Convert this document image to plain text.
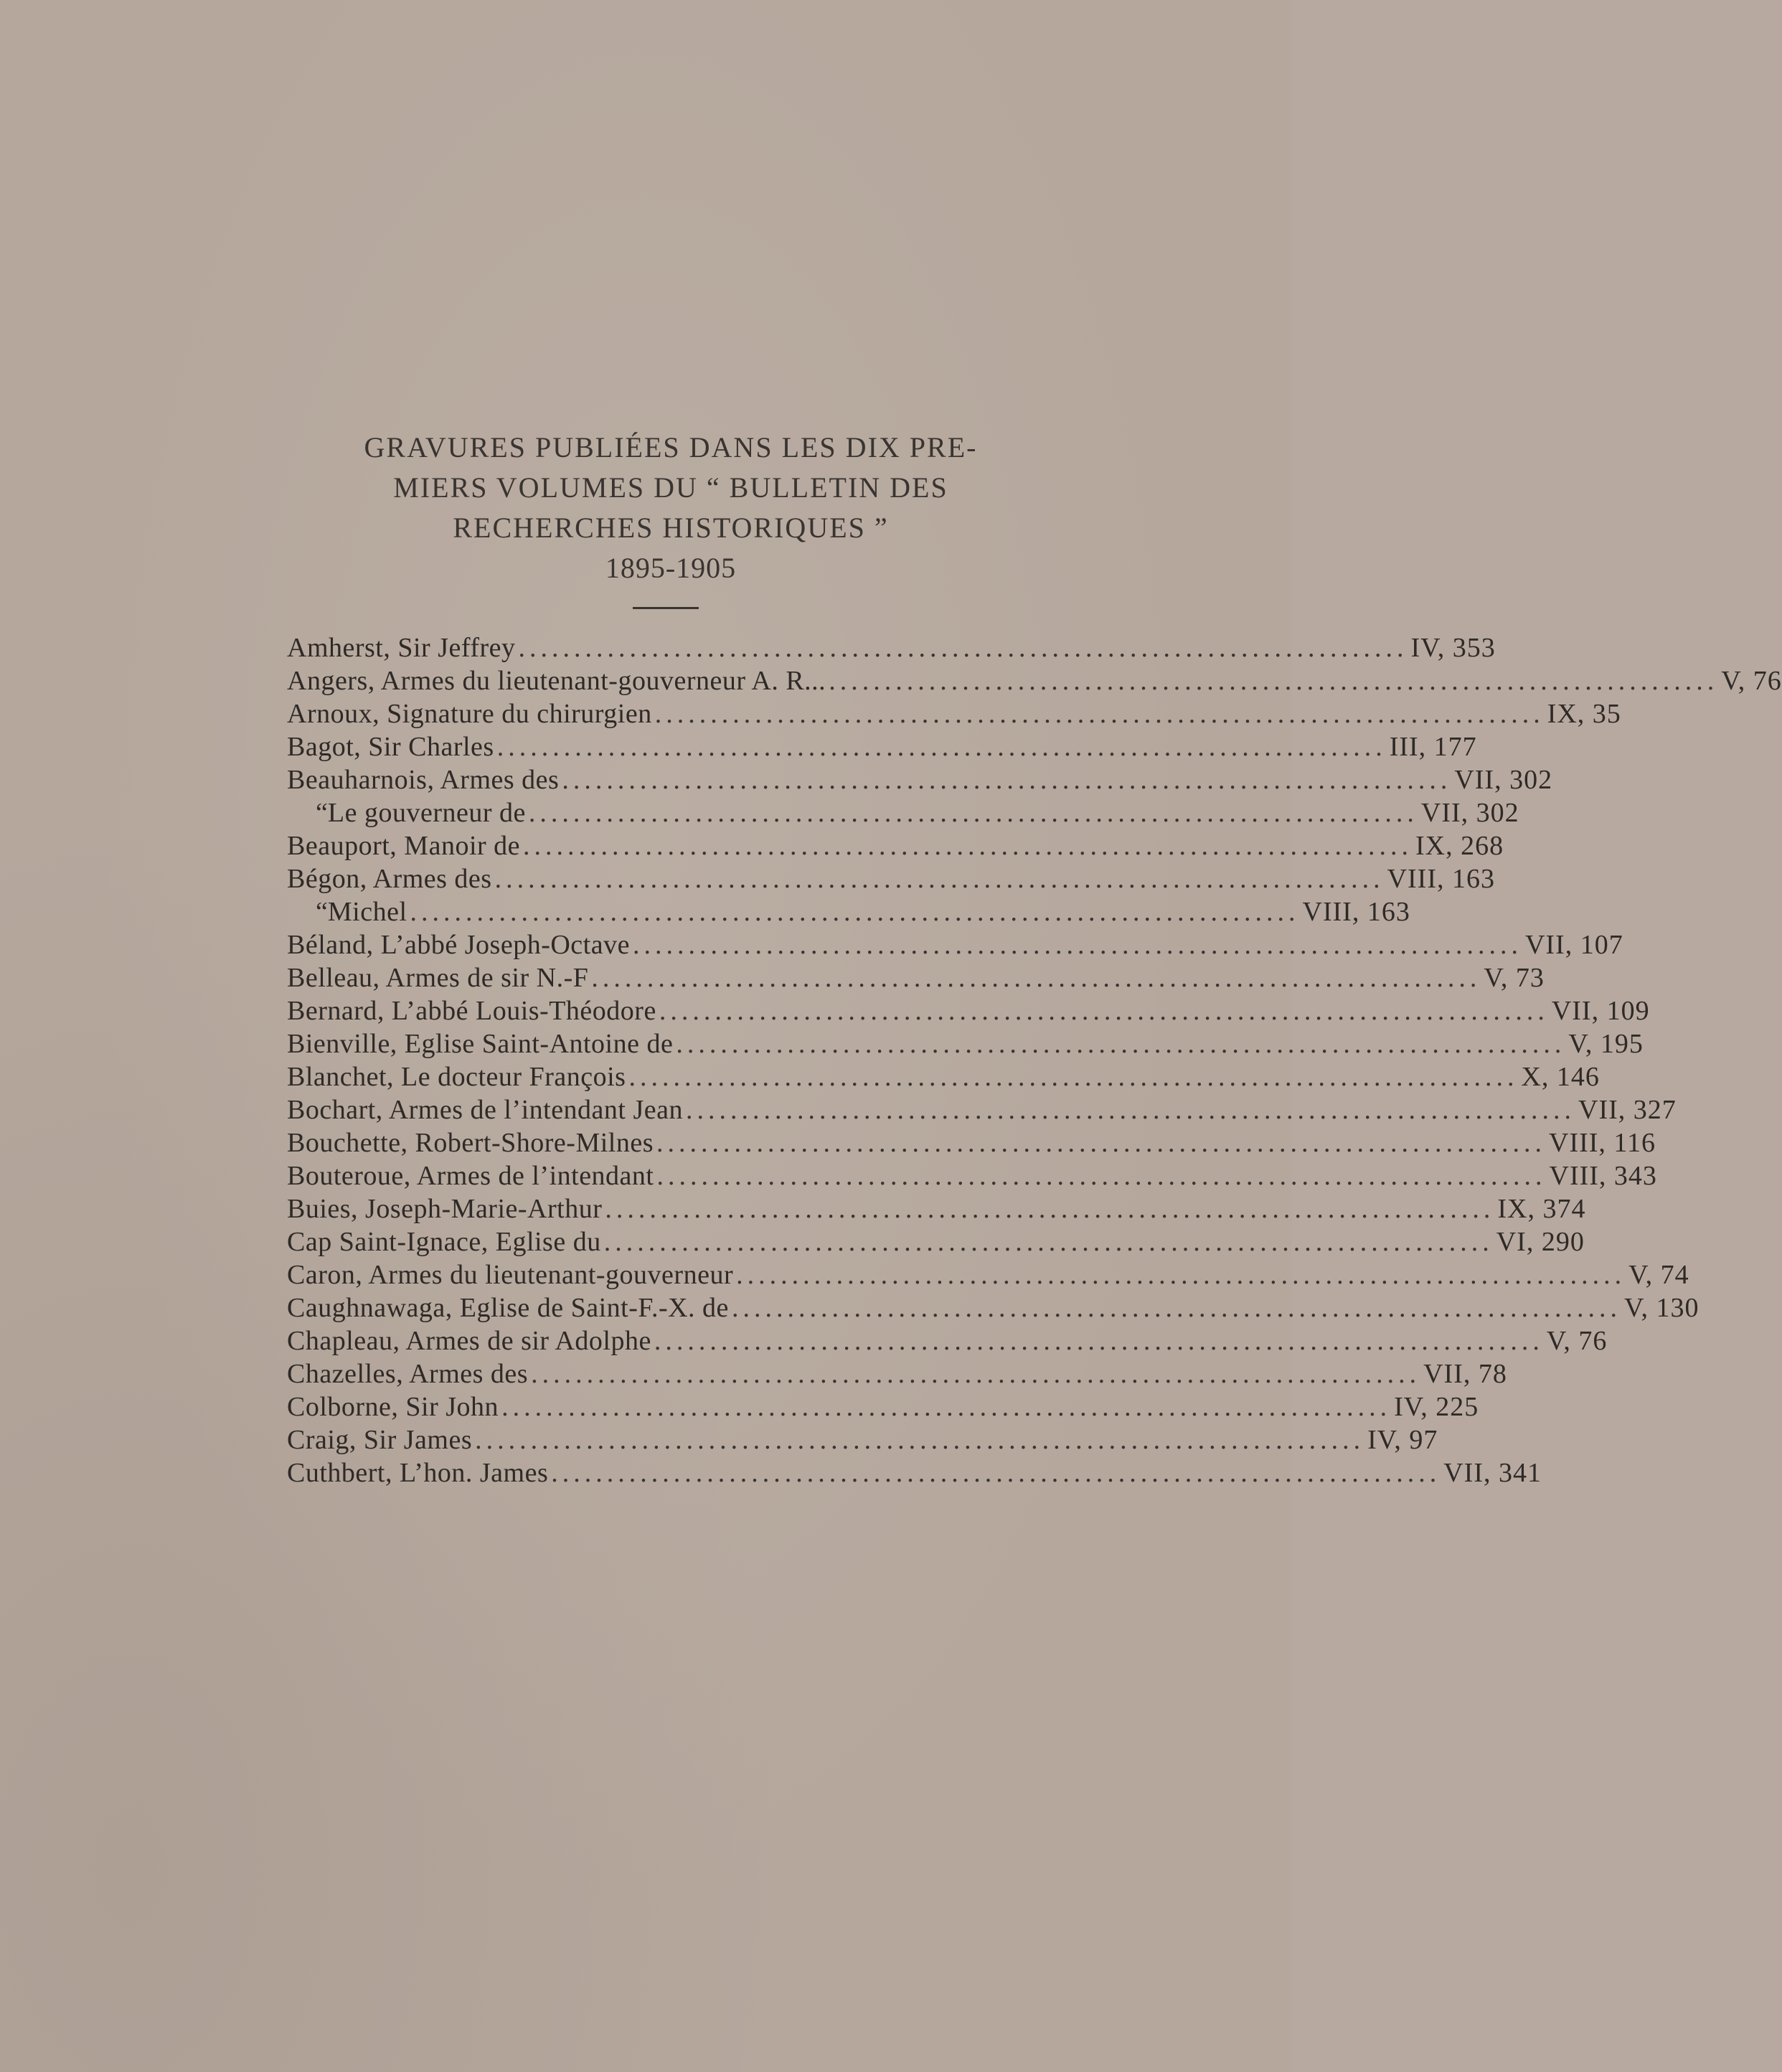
GRAVURES PUBLIÉES DANS LES DIX PRE-
MIERS VOLUMES DU “ BULLETIN DES
RECHERCHES HISTORIQUES ”
1895-1905
Amherst, Sir Jeffrey ................................................................................ IV, 353
Angers, Armes du lieutenant-gouverneur A. R... ................................................................................ V, 76
Arnoux, Signature du chirurgien ................................................................................ IX, 35
Bagot, Sir Charles ................................................................................ III, 177
Beauharnois, Armes des ................................................................................ VII, 302
“ Le gouverneur de ................................................................................ VII, 302
Beauport, Manoir de ................................................................................ IX, 268
Bégon, Armes des ................................................................................ VIII, 163
“ Michel ................................................................................ VIII, 163
Béland, L’abbé Joseph-Octave ................................................................................ VII, 107
Belleau, Armes de sir N.-F ................................................................................ V, 73
Bernard, L’abbé Louis-Théodore ................................................................................ VII, 109
Bienville, Eglise Saint-Antoine de ................................................................................ V, 195
Blanchet, Le docteur François ................................................................................ X, 146
Bochart, Armes de l’intendant Jean ................................................................................ VII, 327
Bouchette, Robert-Shore-Milnes ................................................................................ VIII, 116
Bouteroue, Armes de l’intendant ................................................................................ VIII, 343
Buies, Joseph-Marie-Arthur ................................................................................ IX, 374
Cap Saint-Ignace, Eglise du ................................................................................ VI, 290
Caron, Armes du lieutenant-gouverneur ................................................................................ V, 74
Caughnawaga, Eglise de Saint-F.-X. de ................................................................................ V, 130
Chapleau, Armes de sir Adolphe ................................................................................ V, 76
Chazelles, Armes des ................................................................................ VII, 78
Colborne, Sir John ................................................................................ IV, 225
Craig, Sir James ................................................................................ IV, 97
Cuthbert, L’hon. James ................................................................................ VII, 341
